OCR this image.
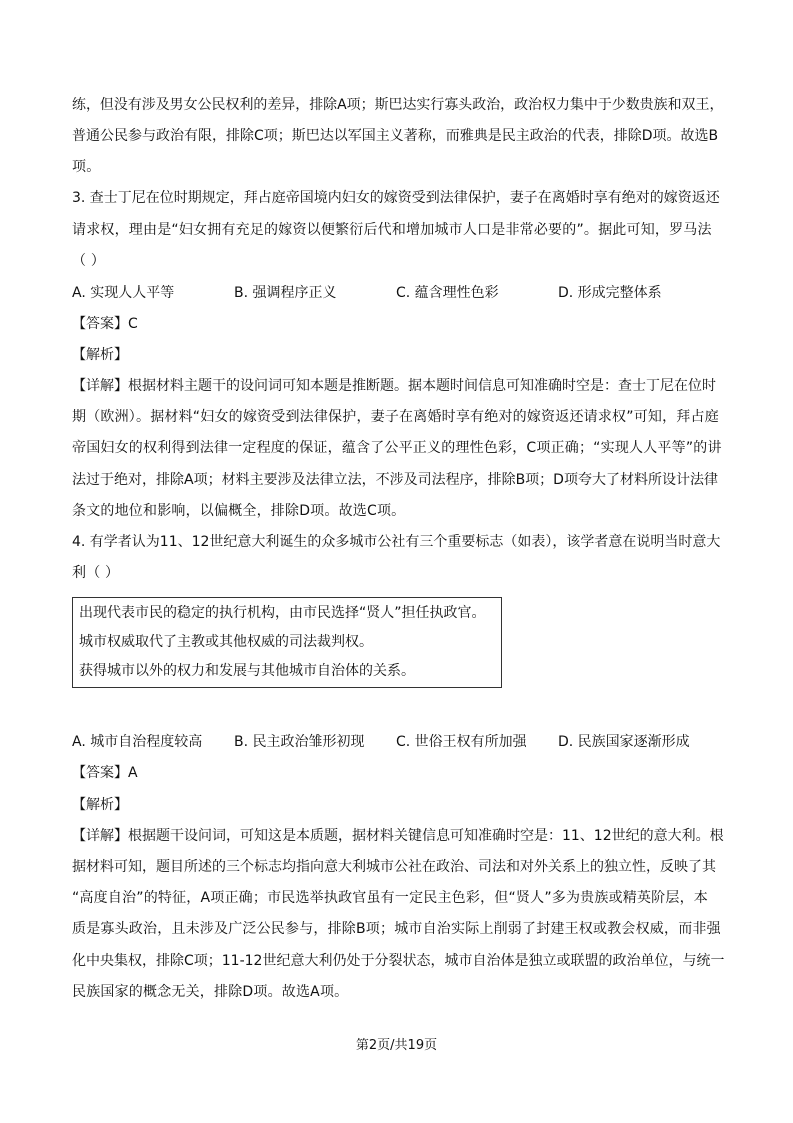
练，但没有涉及男女公民权利的差异，排除A项；斯巴达实行寡头政治，政治权力集中于少数贵族和双王，
普通公民参与政治有限，排除C项；斯巴达以军国主义著称，而雅典是民主政治的代表，排除D项。故选B
项。
3. 查士丁尼在位时期规定，拜占庭帝国境内妇女的嫁资受到法律保护，妻子在离婚时享有绝对的嫁资返还
请求权，理由是“妇女拥有充足的嫁资以便繁衍后代和增加城市人口是非常必要的”。据此可知，罗马法
（ ）
A. 实现人人平等	B. 强调程序正义	C. 蕴含理性色彩	D. 形成完整体系
【答案】C
【解析】
【详解】根据材料主题干的设问词可知本题是推断题。据本题时间信息可知准确时空是：查士丁尼在位时
期（欧洲）。据材料“妇女的嫁资受到法律保护，妻子在离婚时享有绝对的嫁资返还请求权”可知，拜占庭
帝国妇女的权利得到法律一定程度的保证，蕴含了公平正义的理性色彩，C项正确；“实现人人平等”的讲
法过于绝对，排除A项；材料主要涉及法律立法，不涉及司法程序，排除B项；D项夸大了材料所设计法律
条文的地位和影响，以偏概全，排除D项。故选C项。
4. 有学者认为11、12世纪意大利诞生的众多城市公社有三个重要标志（如表），该学者意在说明当时意大
利（ ）
出现代表市民的稳定的执行机构，由市民选择“贤人”担任执政官。
城市权威取代了主教或其他权威的司法裁判权。
获得城市以外的权力和发展与其他城市自治体的关系。
A. 城市自治程度较高 B. 民主政治雏形初现 C. 世俗王权有所加强 D. 民族国家逐渐形成
【答案】A
【解析】
【详解】根据题干设问词，可知这是本质题，据材料关键信息可知准确时空是：11、12世纪的意大利。根
据材料可知，题目所述的三个标志均指向意大利城市公社在政治、司法和对外关系上的独立性，反映了其
“高度自治”的特征，A项正确；市民选举执政官虽有一定民主色彩，但“贤人”多为贵族或精英阶层，本
质是寡头政治，且未涉及广泛公民参与，排除B项；城市自治实际上削弱了封建王权或教会权威，而非强
化中央集权，排除C项；11-12世纪意大利仍处于分裂状态，城市自治体是独立或联盟的政治单位，与统一
民族国家的概念无关，排除D项。故选A项。
第2页/共19页
